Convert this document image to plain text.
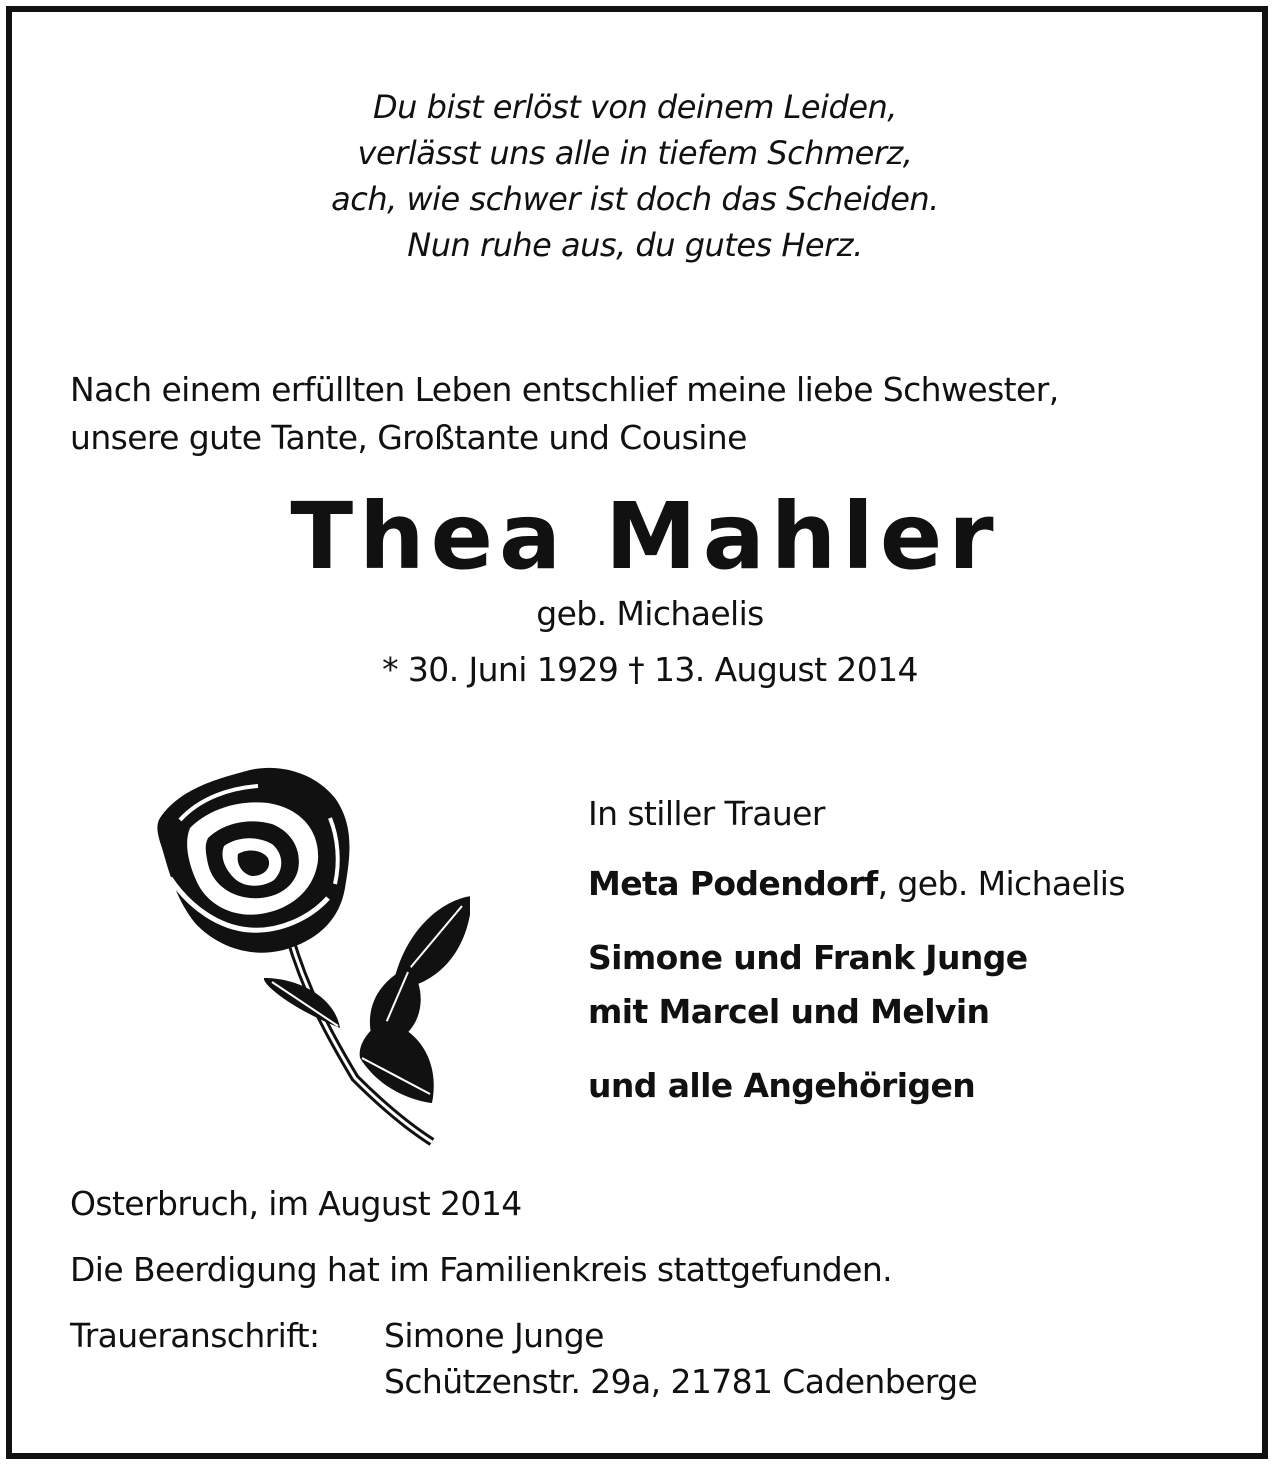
Du bist erlöst von deinem Leiden,
verlässt uns alle in tiefem Schmerz,
ach, wie schwer ist doch das Scheiden.
Nun ruhe aus, du gutes Herz.
Nach einem erfüllten Leben entschlief meine liebe Schwester,
unsere gute Tante, Großtante und Cousine
Thea Mahler
geb. Michaelis
* 30. Juni 1929 † 13. August 2014
In stiller Trauer
Meta Podendorf, geb. Michaelis
Simone und Frank Junge
mit Marcel und Melvin
und alle Angehörigen
Osterbruch, im August 2014
Die Beerdigung hat im Familienkreis stattgefunden.
Traueranschrift: Simone Junge
Schützenstr. 29a, 21781 Cadenberge
